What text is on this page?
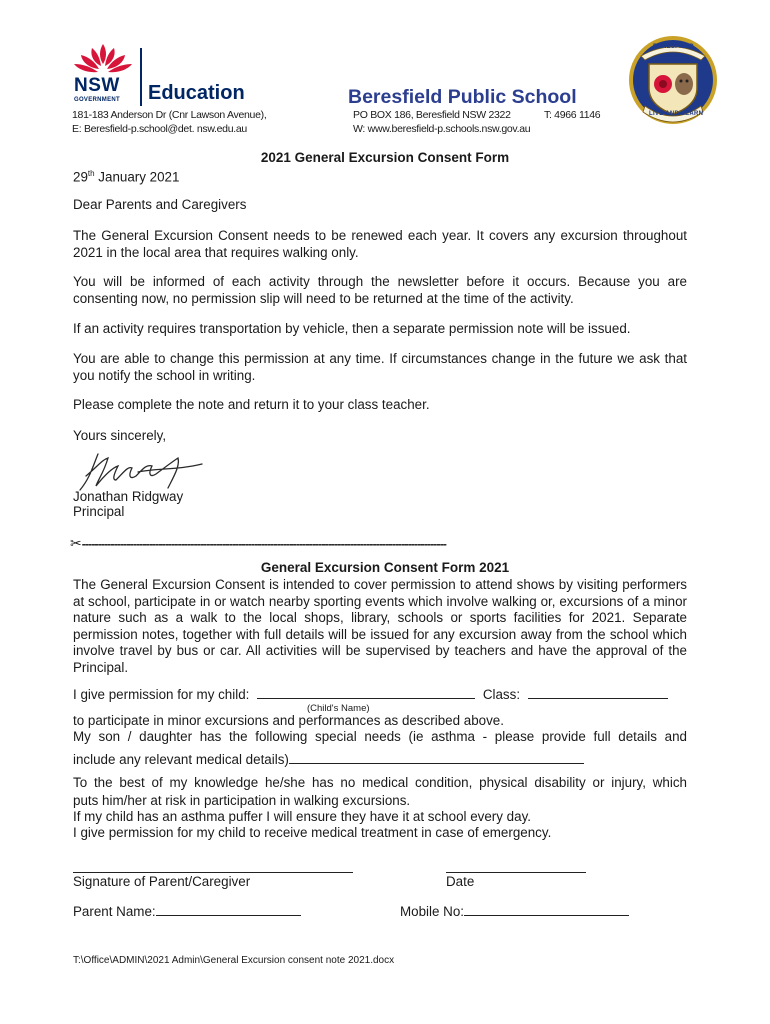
NSW
GOVERNMENT Education	Beresfield Public School
BERESFIELD
LIVE AND LEARN
181-183 Anderson Dr (Cnr Lawson Avenue),
E: Beresfield-p.school@det. nsw.edu.au
PO BOX 186, Beresfield NSW 2322	T: 4966 1146
W: www.beresfield-p.schools.nsw.gov.au
2021 General Excursion Consent Form
29th January 2021
Dear Parents and Caregivers

The General Excursion Consent needs to be renewed each year. It covers any excursion throughout 2021 in the local area that requires walking only.

You will be informed of each activity through the newsletter before it occurs. Because you are consenting now, no permission slip will need to be returned at the time of the activity.

If an activity requires transportation by vehicle, then a separate permission note will be issued.

You are able to change this permission at any time. If circumstances change in the future we ask that you notify the school in writing.

Please complete the note and return it to your class teacher.

Yours sincerely,
Jonathan Ridgway
Principal
✂------------------------------------------------------------------------------------------------------------------
General Excursion Consent Form 2021

The General Excursion Consent is intended to cover permission to attend shows by visiting performers at school, participate in or watch nearby sporting events which involve walking or, excursions of a minor nature such as a walk to the local shops, library, schools or sports facilities for 2021. Separate permission notes, together with full details will be issued for any excursion away from the school which involve travel by bus or car. All activities will be supervised by teachers and have the approval of the Principal.

I give permission for my child:	Class:
(Child's Name)
to participate in minor excursions and performances as described above.
My son / daughter has the following special needs (ie asthma - please provide full details and
include any relevant medical details)
To the best of my knowledge he/she has no medical condition, physical disability or injury, which
puts him/her at risk in participation in walking excursions.
If my child has an asthma puffer I will ensure they have it at school every day.
I give permission for my child to receive medical treatment in case of emergency.
Signature of Parent/Caregiver	Date
Parent Name:	Mobile No:
T:\Office\ADMIN\2021 Admin\General Excursion consent note 2021.docx
